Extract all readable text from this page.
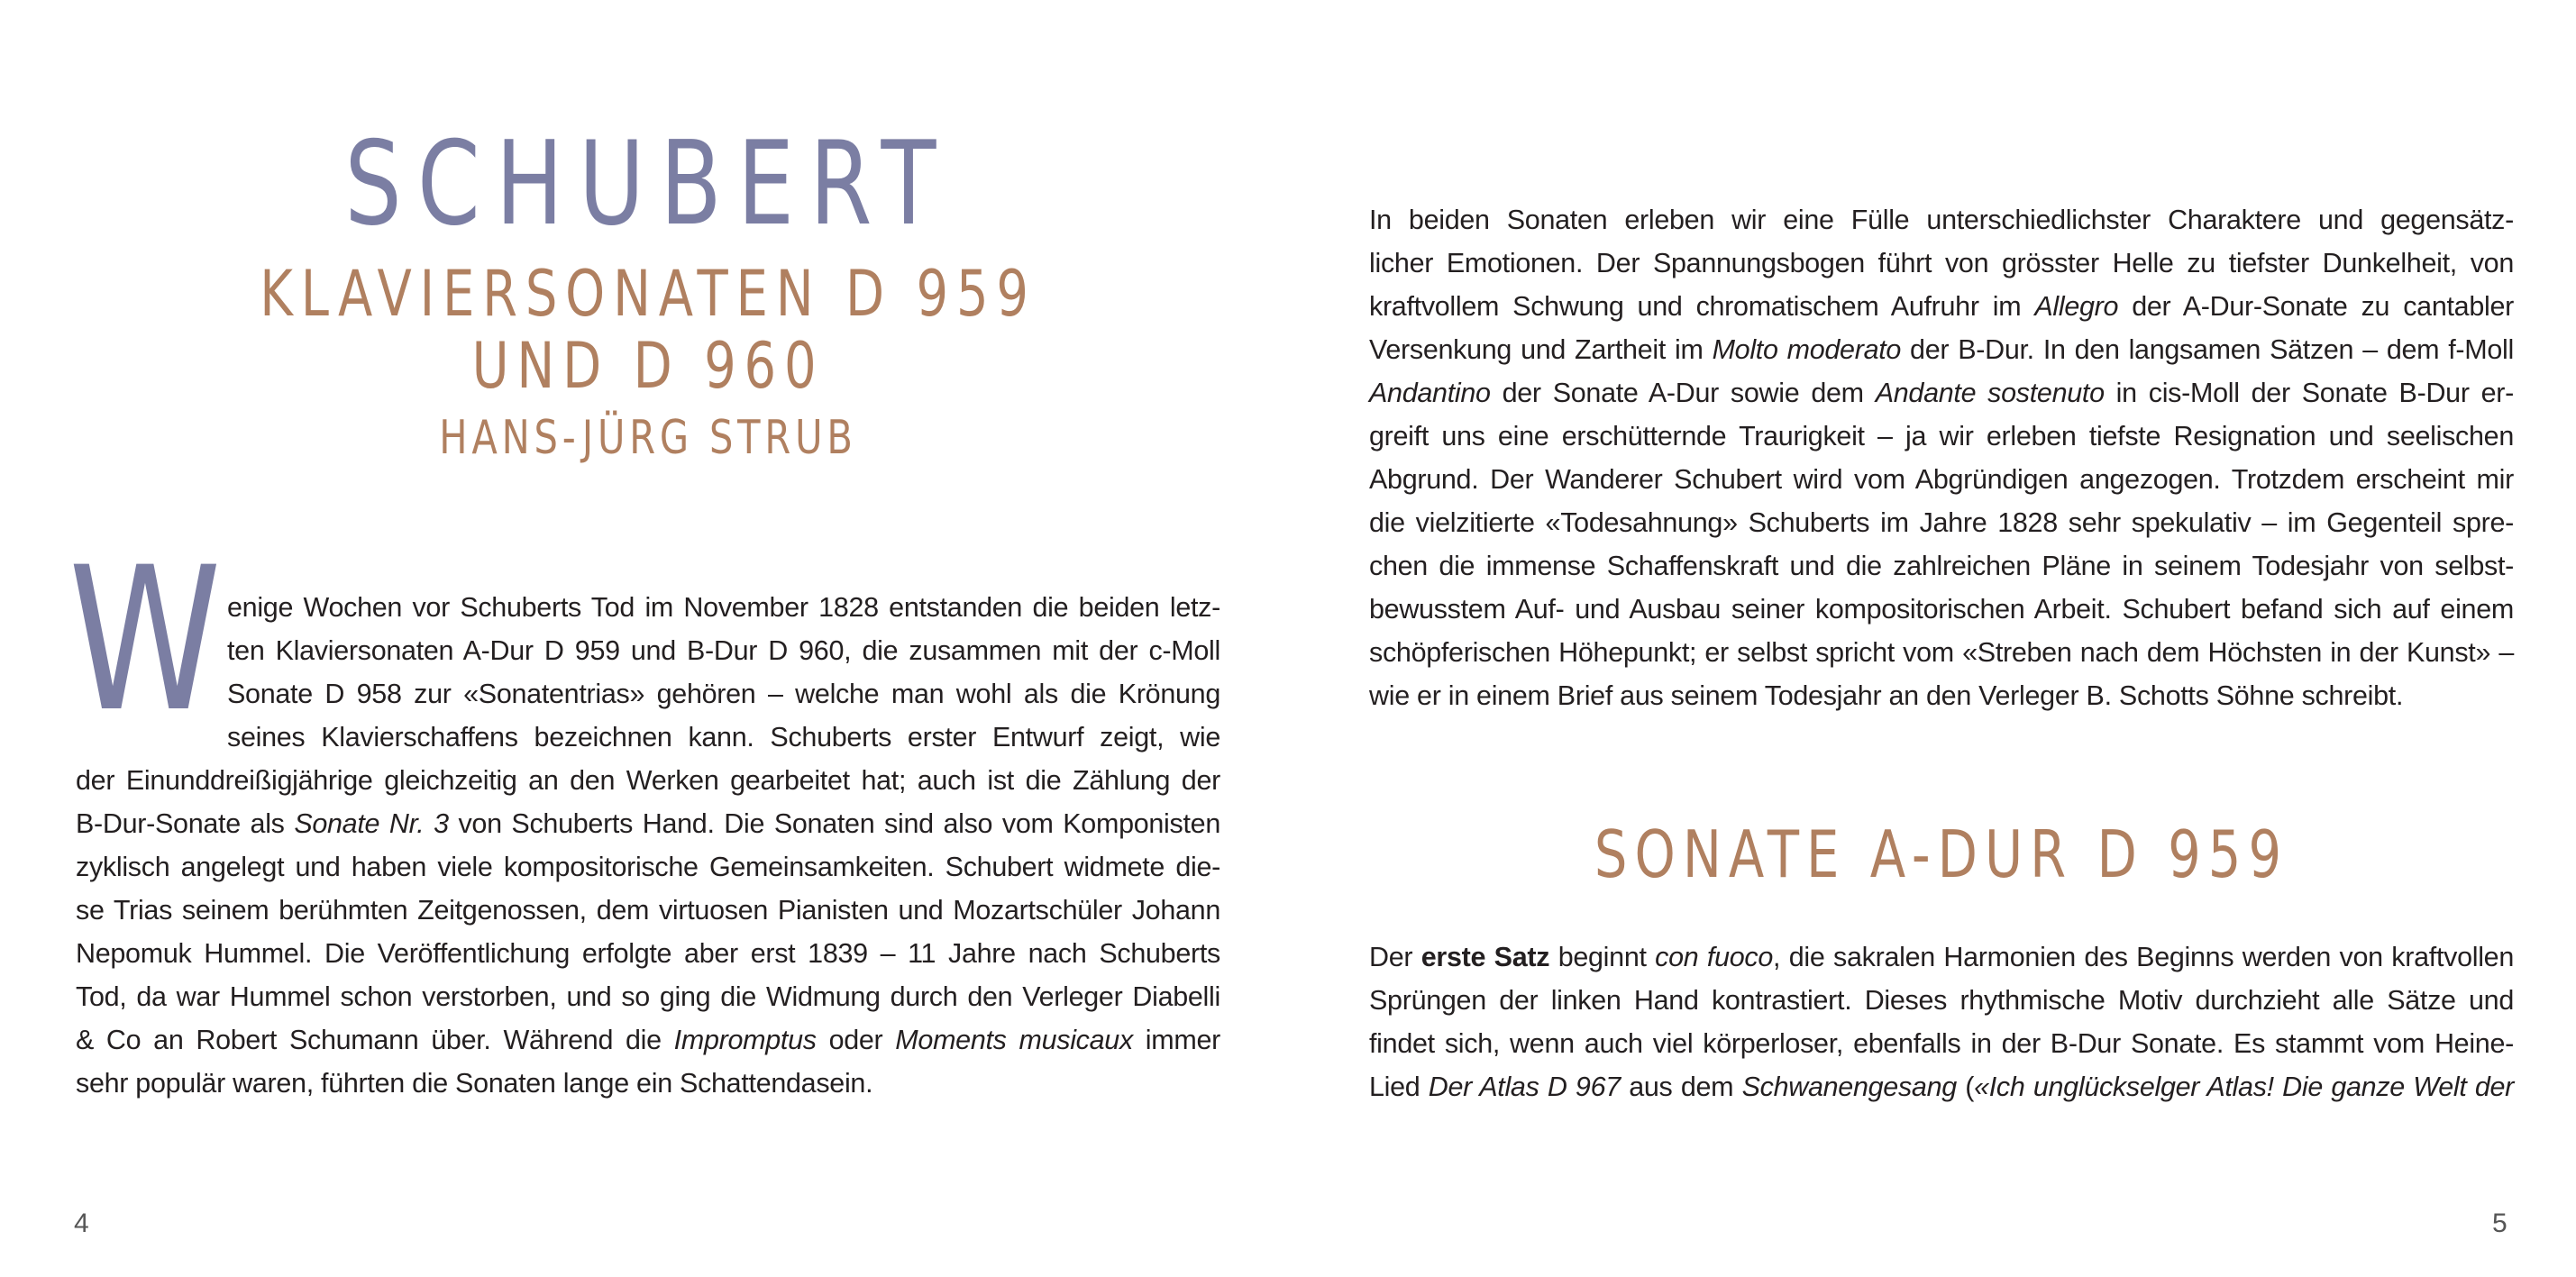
SCHUBERT
KLAVIERSONATEN D 959 UND D 960
HANS-JÜRG STRUB
W enige Wochen vor Schuberts Tod im November 1828 entstanden die beiden letz-
ten Klaviersonaten A-Dur D 959 und B-Dur D 960, die zusammen mit der c-Moll
Sonate D 958 zur «Sonatentrias» gehören – welche man wohl als die Krönung
seines Klavierschaffens bezeichnen kann. Schuberts erster Entwurf zeigt, wie
der Einunddreißigjährige gleichzeitig an den Werken gearbeitet hat; auch ist die Zählung der
B-Dur-Sonate als Sonate Nr. 3 von Schuberts Hand. Die Sonaten sind also vom Komponisten
zyklisch angelegt und haben viele kompositorische Gemeinsamkeiten. Schubert widmete die-
se Trias seinem berühmten Zeitgenossen, dem virtuosen Pianisten und Mozartschüler Johann
Nepomuk Hummel. Die Veröffentlichung erfolgte aber erst 1839 – 11 Jahre nach Schuberts
Tod, da war Hummel schon verstorben, und so ging die Widmung durch den Verleger Diabelli
& Co an Robert Schumann über. Während die Impromptus oder Moments musicaux immer
sehr populär waren, führten die Sonaten lange ein Schattendasein.
4
In beiden Sonaten erleben wir eine Fülle unterschiedlichster Charaktere und gegensätz-
licher Emotionen. Der Spannungsbogen führt von grösster Helle zu tiefster Dunkelheit, von
kraftvollem Schwung und chromatischem Aufruhr im Allegro der A-Dur-Sonate zu cantabler
Versenkung und Zartheit im Molto moderato der B-Dur. In den langsamen Sätzen – dem f-Moll
Andantino der Sonate A-Dur sowie dem Andante sostenuto in cis-Moll der Sonate B-Dur er-
greift uns eine erschütternde Traurigkeit – ja wir erleben tiefste Resignation und seelischen
Abgrund. Der Wanderer Schubert wird vom Abgründigen angezogen. Trotzdem erscheint mir
die vielzitierte «Todesahnung» Schuberts im Jahre 1828 sehr spekulativ – im Gegenteil spre-
chen die immense Schaffenskraft und die zahlreichen Pläne in seinem Todesjahr von selbst-
bewusstem Auf- und Ausbau seiner kompositorischen Arbeit. Schubert befand sich auf einem
schöpferischen Höhepunkt; er selbst spricht vom «Streben nach dem Höchsten in der Kunst» –
wie er in einem Brief aus seinem Todesjahr an den Verleger B. Schotts Söhne schreibt.
SONATE A-DUR D 959
Der erste Satz beginnt con fuoco, die sakralen Harmonien des Beginns werden von kraftvollen
Sprüngen der linken Hand kontrastiert. Dieses rhythmische Motiv durchzieht alle Sätze und
findet sich, wenn auch viel körperloser, ebenfalls in der B-Dur Sonate. Es stammt vom Heine-
Lied Der Atlas D 967 aus dem Schwanengesang («Ich unglückselger Atlas! Die ganze Welt der
5
